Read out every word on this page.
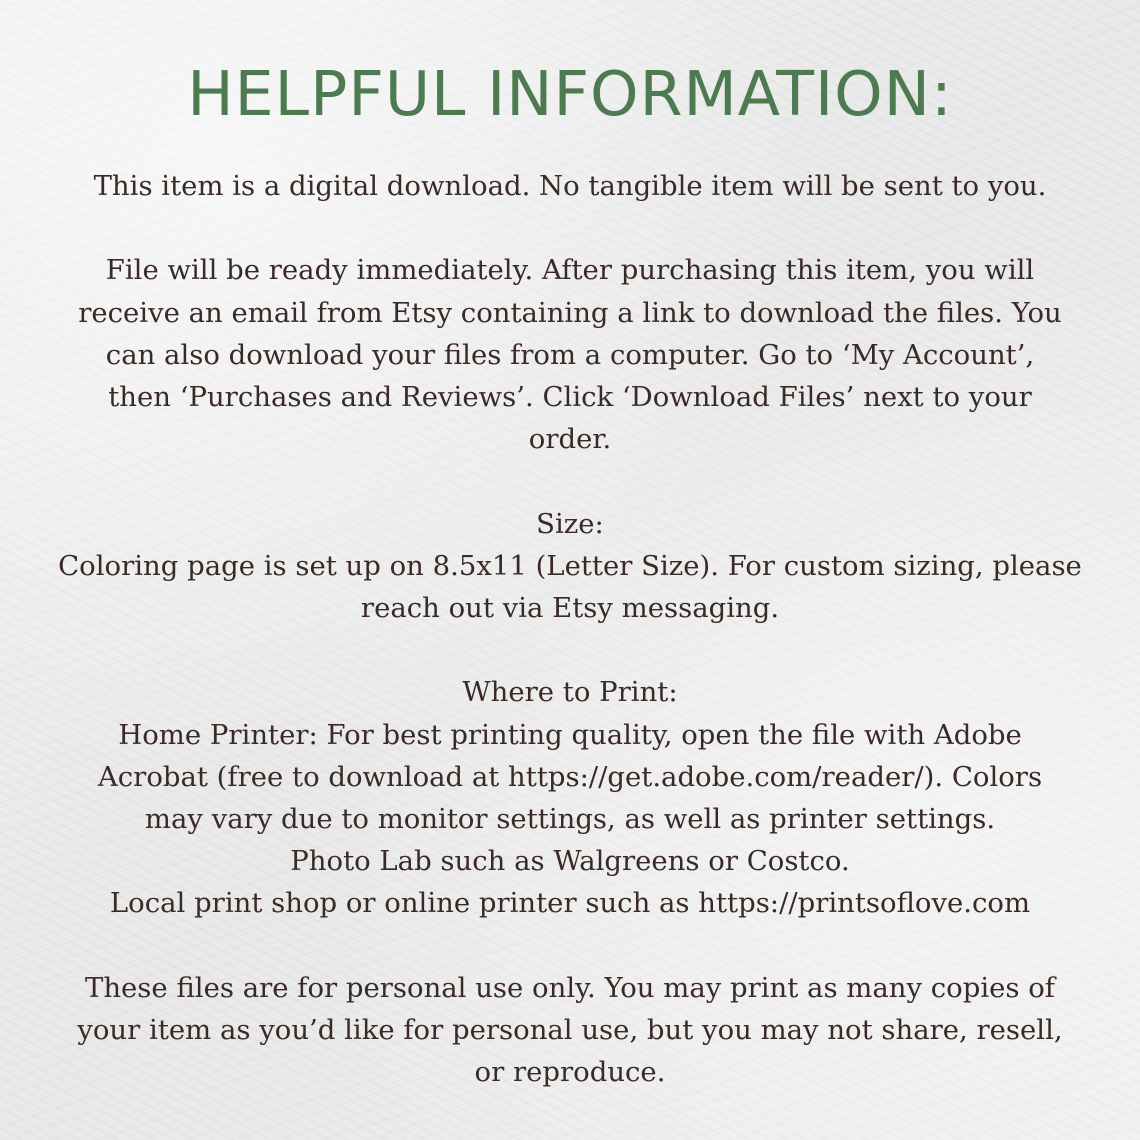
HELPFUL INFORMATION:
This item is a digital download. No tangible item will be sent to you.
File will be ready immediately. After purchasing this item, you will
receive an email from Etsy containing a link to download the files. You
can also download your files from a computer. Go to ‘My Account’,
then ‘Purchases and Reviews’. Click ‘Download Files’ next to your
order.
Size:
Coloring page is set up on 8.5x11 (Letter Size). For custom sizing, please
reach out via Etsy messaging.
Where to Print:
Home Printer: For best printing quality, open the file with Adobe
Acrobat (free to download at https://get.adobe.com/reader/). Colors
may vary due to monitor settings, as well as printer settings.
Photo Lab such as Walgreens or Costco.
Local print shop or online printer such as https://printsoflove.com
These files are for personal use only. You may print as many copies of
your item as you’d like for personal use, but you may not share, resell,
or reproduce.
